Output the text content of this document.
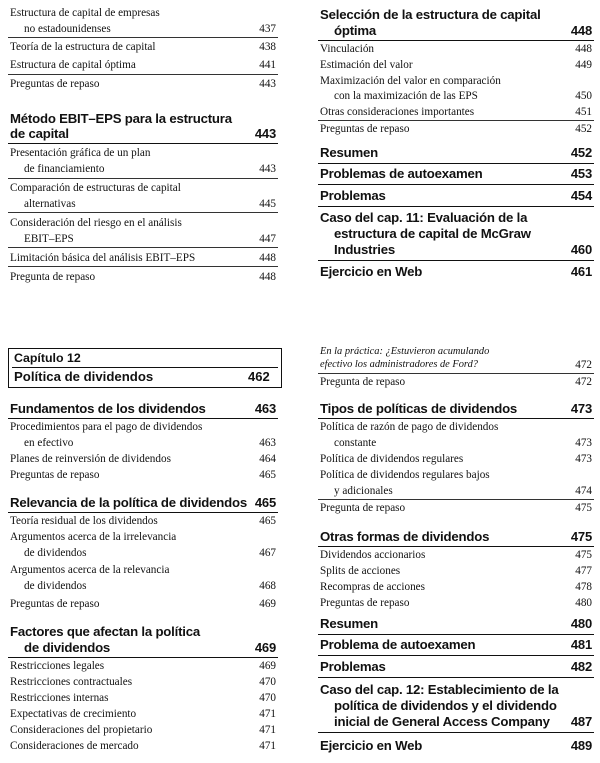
Estructura de capital de empresas
no estadounidenses	437
Teoría de la estructura de capital	438
Estructura de capital óptima	441
Preguntas de repaso	443
Método EBIT–EPS para la estructura
de capital	443
Presentación gráfica de un plan
de financiamiento	443
Comparación de estructuras de capital
alternativas	445
Consideración del riesgo en el análisis
EBIT–EPS	447
Limitación básica del análisis EBIT–EPS	448
Pregunta de repaso	448
Selección de la estructura de capital
óptima	448
Vinculación	448
Estimación del valor	449
Maximización del valor en comparación
con la maximización de las EPS	450
Otras consideraciones importantes	451
Preguntas de repaso	452
Resumen	452
Problemas de autoexamen	453
Problemas	454
Caso del cap. 11: Evaluación de la
estructura de capital de McGraw
Industries	460
Ejercicio en Web	461
Capítulo 12
Política de dividendos	462
Fundamentos de los dividendos	463
Procedimientos para el pago de dividendos
en efectivo	463
Planes de reinversión de dividendos	464
Preguntas de repaso	465
Relevancia de la política de dividendos 465
Teoría residual de los dividendos	465
Argumentos acerca de la irrelevancia
de dividendos	467
Argumentos acerca de la relevancia
de dividendos	468
Preguntas de repaso	469
Factores que afectan la política
de dividendos	469
Restricciones legales	469
Restricciones contractuales	470
Restricciones internas	470
Expectativas de crecimiento	471
Consideraciones del propietario	471
Consideraciones de mercado	471
En la práctica: ¿Estuvieron acumulando
efectivo los administradores de Ford?	472
Pregunta de repaso	472
Tipos de políticas de dividendos	473
Política de razón de pago de dividendos
constante	473
Política de dividendos regulares	473
Política de dividendos regulares bajos
y adicionales	474
Pregunta de repaso	475
Otras formas de dividendos	475
Dividendos accionarios	475
Splits de acciones	477
Recompras de acciones	478
Preguntas de repaso	480
Resumen	480
Problema de autoexamen	481
Problemas	482
Caso del cap. 12: Establecimiento de la
política de dividendos y el dividendo
inicial de General Access Company 487
Ejercicio en Web	489
